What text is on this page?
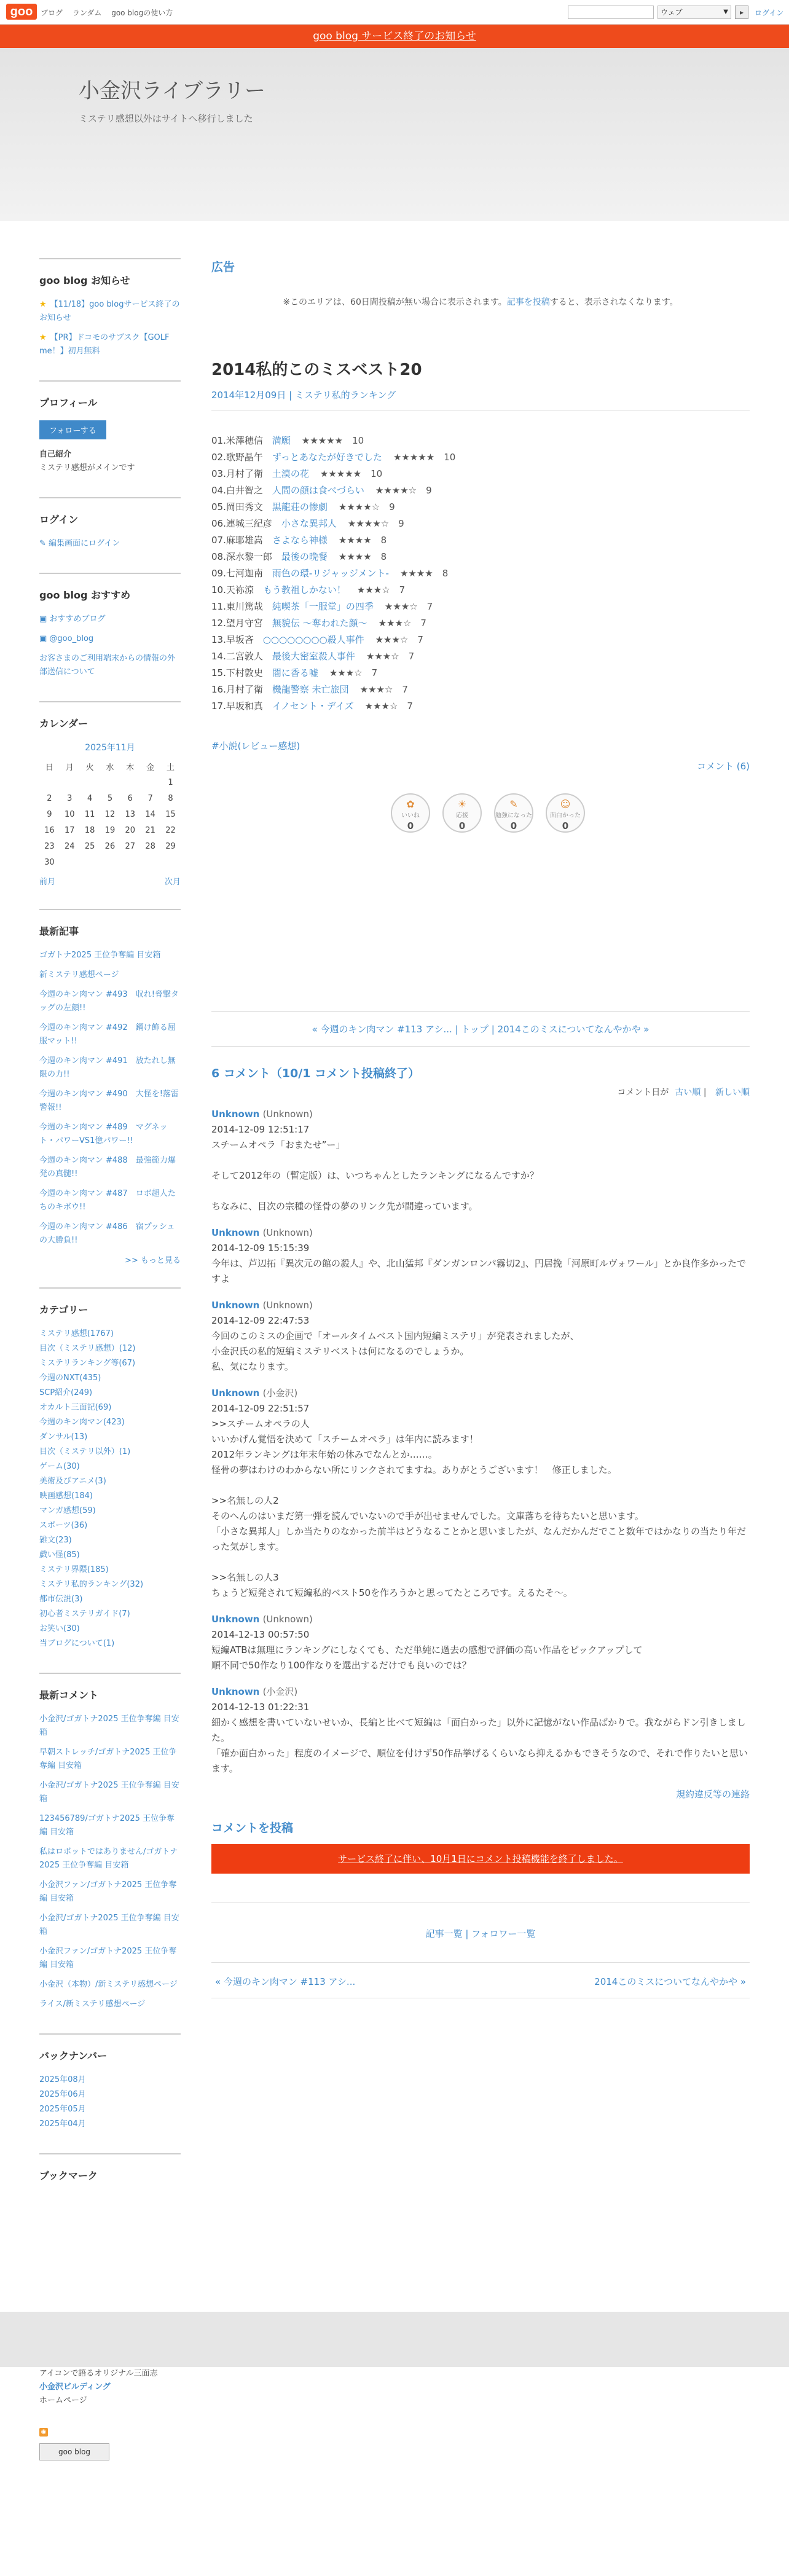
goo	ブログ ランダム goo blogの使い方	ウェブ	▼	▸	ログイン
goo blog サービス終了のお知らせ
小金沢ライブラリー
ミステリ感想以外はサイトへ移行しました
goo blog お知らせ
★ 【11/18】goo blogサービス終了のお知らせ
★ 【PR】ドコモのサブスク【GOLF me！】初月無料
プロフィール
フォローする
自己紹介
ミステリ感想がメインです
ログイン
✎ 編集画面にログイン
goo blog おすすめ
▣ おすすめブログ
▣ @goo_blog
お客さまのご利用端末からの情報の外部送信について
カレンダー
2025年11月
日	月	火	水	木	金	土
						1
2	3	4	5	6	7	8
9	10	11	12	13	14	15
16	17	18	19	20	21	22
23	24	25	26	27	28	29
30						
前月	次月
最新記事
ゴガトナ2025 王位争奪編 目安箱
新ミステリ感想ページ
今週のキン肉マン #493　収れ!脅撃タッグの左顔!!
今週のキン肉マン #492　鋼け飾る屈服マット!!
今週のキン肉マン #491　放たれし無限の力!!
今週のキン肉マン #490　大怪を!落雷警報!!
今週のキン肉マン #489　マグネット・パワーVS1億パワー!!
今週のキン肉マン #488　最強範力爆発の真髄!!
今週のキン肉マン #487　ロボ超人たちのキボウ!!
今週のキン肉マン #486　宿プッシュの大勝負!!
>> もっと見る
カテゴリー
ミステリ感想(1767)
目次（ミステリ感想）(12)
ミステリランキング等(67)
今週のNXT(435)
SCP紹介(249)
オカルト三面記(69)
今週のキン肉マン(423)
ダンサル(13)
目次（ミステリ以外）(1)
ゲーム(30)
美術及びアニメ(3)
映画感想(184)
マンガ感想(59)
スポーツ(36)
雑文(23)
戯い怪(85)
ミステリ界隈(185)
ミステリ私的ランキング(32)
都市伝説(3)
初心者ミステリガイド(7)
お笑い(30)
当ブログについて(1)
最新コメント
小金沢/ゴガトナ2025 王位争奪編 目安箱
早朝ストレッチ/ゴガトナ2025 王位争奪編 目安箱
小金沢/ゴガトナ2025 王位争奪編 目安箱
123456789/ゴガトナ2025 王位争奪編 目安箱
私はロボットではありません/ゴガトナ2025 王位争奪編 目安箱
小金沢ファン/ゴガトナ2025 王位争奪編 目安箱
小金沢/ゴガトナ2025 王位争奪編 目安箱
小金沢ファン/ゴガトナ2025 王位争奪編 目安箱
小金沢（本物）/新ミステリ感想ページ
ライス/新ミステリ感想ページ
バックナンバー
2025年08月
2025年06月
2025年05月
2025年04月
ブックマーク
広告
※このエリアは、60日間投稿が無い場合に表示されます。記事を投稿すると、表示されなくなります。
2014私的このミスベスト20
2014年12月09日 | ミステリ私的ランキング
01.米澤穂信　満願 ★★★★★　10
02.歌野晶午　ずっとあなたが好きでした ★★★★★　10
03.月村了衛　土漠の花 ★★★★★　10
04.白井智之　人間の顔は食べづらい ★★★★☆　9
05.岡田秀文　黒龍荘の惨劇 ★★★★☆　9
06.連城三紀彦　小さな異邦人 ★★★★☆　9
07.麻耶雄嵩　さよなら神様 ★★★★　8
08.深水黎一郎　最後の晩餐 ★★★★　8
09.七河迦南　雨色の環-リジャッジメント- ★★★★　8
10.天袮涼　もう教祖しかない！ ★★★☆　7
11.東川篤哉　純喫茶「一服堂」の四季 ★★★☆　7
12.望月守宮　無貌伝 〜奪われた顔〜 ★★★☆　7
13.早坂吝　○○○○○○○○殺人事件 ★★★☆　7
14.二宮敦人　最後大密室殺人事件 ★★★☆　7
15.下村敦史　闇に香る嘘 ★★★☆　7
16.月村了衛　機龍警察 未亡旅団 ★★★☆　7
17.早坂和真　イノセント・デイズ ★★★☆　7
#小説(レビュー感想)
コメント (6)
✿
いいね
0
☀
応援
0
✎
勉強になった
0
☺
面白かった
0
« 今週のキン肉マン #113 アシ... | トップ | 2014このミスについてなんやかや »
6 コメント（10/1 コメント投稿終了）
コメント日が 古い順 | 新しい順
Unknown (Unknown)
2014-12-09 12:51:17
スチームオペラ「おまたせ”ー」

そして2012年の（暫定版）は、いつちゃんとしたランキングになるんですか？

ちなみに、目次の宗種の怪骨の夢のリンク先が間違っています。
Unknown (Unknown)
2014-12-09 15:15:39
今年は、芦辺拓『異次元の館の殺人』や、北山猛邦『ダンガンロンパ霧切2』、円居挽「河原町ルヴォワール」とか良作多かったですよ
Unknown (Unknown)
2014-12-09 22:47:53
今回のこのミスの企画で「オールタイムベスト国内短編ミステリ」が発表されましたが、
小金沢氏の私的短編ミステリベストは何になるのでしょうか。
私、気になります。
Unknown (小金沢)
2014-12-09 22:51:57
>>スチームオペラの人
いいかげん覚悟を決めて「スチームオペラ」は年内に読みます！
2012年ランキングは年末年始の休みでなんとか……。
怪骨の夢はわけのわからない所にリンクされてますね。ありがとうございます！　修正しました。

>>名無しの人2
そのへんのはいまだ第一弾を読んでいないので手が出せませんでした。文庫落ちを待ちたいと思います。
「小さな異邦人」しか当たりのなかった前半はどうなることかと思いましたが、なんだかんだでこと数年ではかなりの当たり年だった気がします。

>>名無しの人3
ちょうど短発されて短編私的ベスト50を作ろうかと思ってたところです。えるたそ〜。
Unknown (Unknown)
2014-12-13 00:57:50
短編ATBは無理にランキングにしなくても、ただ単純に過去の感想で評価の高い作品をピックアップして
順不同で50作なり100作なりを選出するだけでも良いのでは？
Unknown (小金沢)
2014-12-13 01:22:31
細かく感想を書いていないせいか、長編と比べて短編は「面白かった」以外に記憶がない作品ばかりで。我ながらドン引きしました。
「確か面白かった」程度のイメージで、順位を付けず50作品挙げるくらいなら抑えるかもできそうなので、それで作りたいと思います。
規約違反等の連絡
コメントを投稿
サービス終了に伴い、10月1日にコメント投稿機能を終了しました。
記事一覧 | フォロワー一覧
« 今週のキン肉マン #113 アシ...	2014このミスについてなんやかや »
アイコンで語るオリジナル三面志
小金沢ビルディング
ホームページ
◉
goo blog
